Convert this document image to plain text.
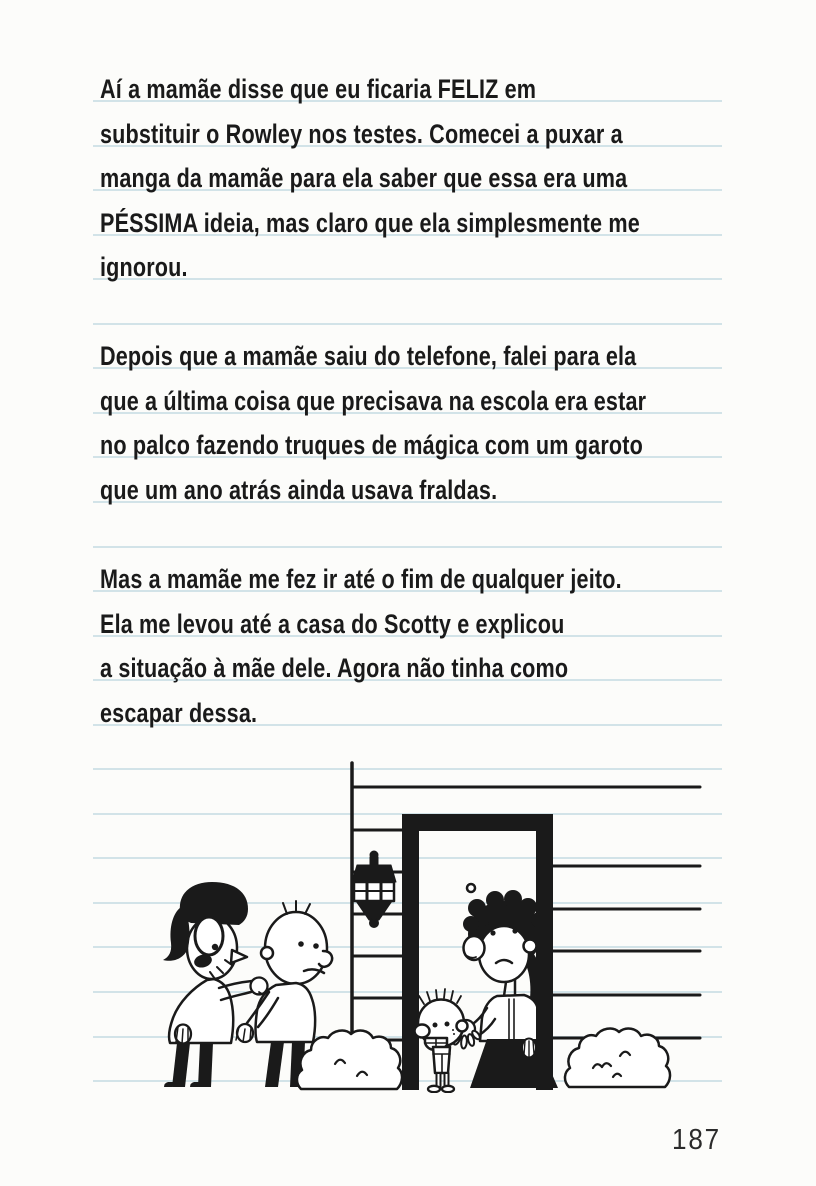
Aí a mamãe disse que eu ficaria FELIZ em
substituir o Rowley nos testes. Comecei a puxar a
manga da mamãe para ela saber que essa era uma
PÉSSIMA ideia, mas claro que ela simplesmente me
ignorou.
Depois que a mamãe saiu do telefone, falei para ela
que a última coisa que precisava na escola era estar
no palco fazendo truques de mágica com um garoto
que um ano atrás ainda usava fraldas.
Mas a mamãe me fez ir até o fim de qualquer jeito.
Ela me levou até a casa do Scotty e explicou
a situação à mãe dele. Agora não tinha como
escapar dessa.
187
